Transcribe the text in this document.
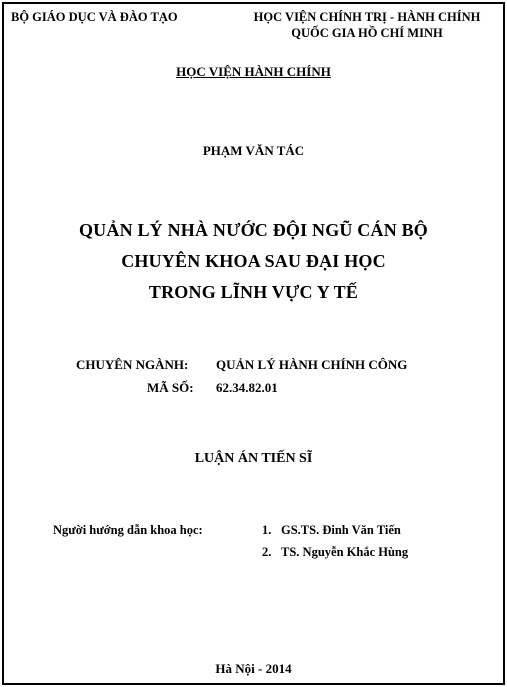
BỘ GIÁO DỤC VÀ ĐÀO TẠO	HỌC VIỆN CHÍNH TRỊ - HÀNH CHÍNH
QUỐC GIA HỒ CHÍ MINH
HỌC VIỆN HÀNH CHÍNH
PHẠM VĂN TÁC
QUẢN LÝ NHÀ NƯỚC ĐỘI NGŨ CÁN BỘ
CHUYÊN KHOA SAU ĐẠI HỌC
TRONG LĨNH VỰC Y TẾ
CHUYÊN NGÀNH: QUẢN LÝ HÀNH CHÍNH CÔNG
MÃ SỐ: 62.34.82.01
LUẬN ÁN TIẾN SĨ
Người hướng dẫn khoa học:	1. GS.TS. Đinh Văn Tiến
2. TS. Nguyễn Khắc Hùng
Hà Nội - 2014
